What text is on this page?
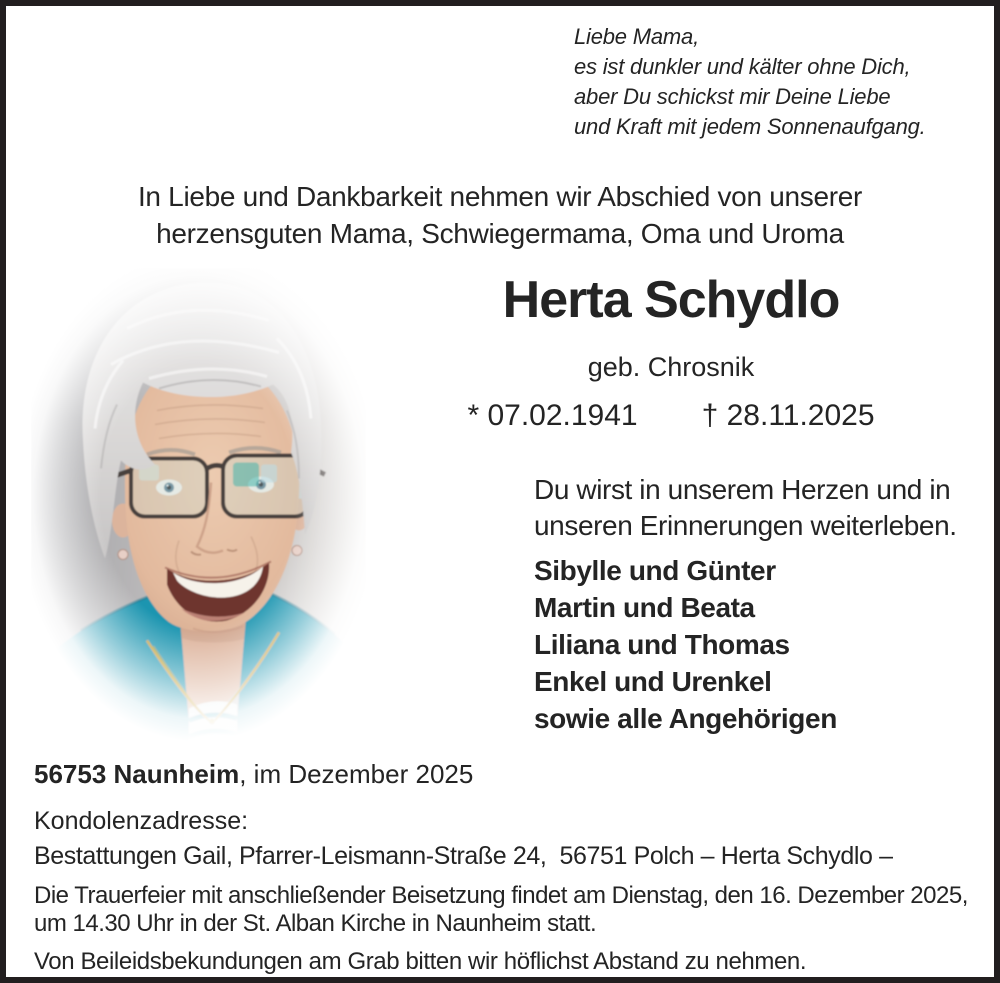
Liebe Mama,
es ist dunkler und kälter ohne Dich,
aber Du schickst mir Deine Liebe
und Kraft mit jedem Sonnenaufgang.
In Liebe und Dankbarkeit nehmen wir Abschied von unserer
herzensguten Mama, Schwiegermama, Oma und Uroma
Herta Schydlo
geb. Chrosnik
* 07.02.1941 † 28.11.2025
Du wirst in unserem Herzen und in
unseren Erinnerungen weiterleben.
Sibylle und Günter
Martin und Beata
Liliana und Thomas
Enkel und Urenkel
sowie alle Angehörigen
56753 Naunheim, im Dezember 2025
Kondolenzadresse:
Bestattungen Gail, Pfarrer-Leismann-Straße 24,  56751 Polch – Herta Schydlo –
Die Trauerfeier mit anschließender Beisetzung findet am Dienstag, den 16. Dezember 2025,
um 14.30 Uhr in der St. Alban Kirche in Naunheim statt.
Von Beileidsbekundungen am Grab bitten wir höflichst Abstand zu nehmen.
